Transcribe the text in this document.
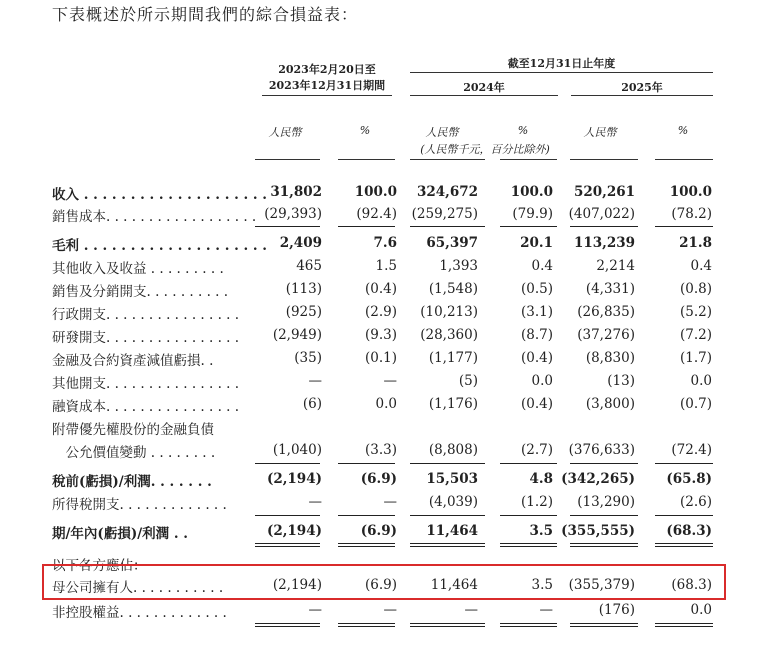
下表概述於所示期間我們的綜合損益表：
2023年2月20日至
2023年12月31日期間
截至12月31日止年度
2024年	2025年
人民幣	%	人民幣	%	人民幣	%
(人民幣千元，百分比除外)
收入 . . . . . . . . . . . . . . . . . . . . 31,802 100.0 324,672 100.0 520,261	100.0
銷售成本. . . . . . . . . . . . . . . . . . (29,393)	(92.4) (259,275)	(79.9) (407,022)	(78.2)
毛利 . . . . . . . . . . . . . . . . . . . . 2,409	7.6 65,397	20.1 113,239	21.8
其他收入及收益 . . . . . . . . .	465	1.5	1,393	0.4	2,214	0.4
銷售及分銷開支. . . . . . . . . .	(113)	(0.4) (1,548)	(0.5) (4,331)	(0.8)
行政開支. . . . . . . . . . . . . . . .	(925)	(2.9) (10,213)	(3.1) (26,835)	(5.2)
研發開支. . . . . . . . . . . . . . . .	(2,949)	(9.3) (28,360)	(8.7) (37,276)	(7.2)
金融及合約資產減值虧損. .	(35)	(0.1) (1,177)	(0.4) (8,830)	(1.7)
其他開支. . . . . . . . . . . . . . . .	—	—	(5)	0.0	(13)	0.0
融資成本. . . . . . . . . . . . . . . .	(6)	0.0 (1,176)	(0.4) (3,800)	(0.7)
附帶優先權股份的金融負債
　公允價值變動 . . . . . . . .	(1,040)	(3.3) (8,808)	(2.7) (376,633)	(72.4)
稅前(虧損)/利潤. . . . . . .	(2,194)	(6.9) 15,503	4.8 (342,265) (65.8)
所得稅開支. . . . . . . . . . . . .	—	— (4,039)	(1.2) (13,290)	(2.6)
期/年內(虧損)/利潤 . .	(2,194)	(6.9) 11,464	3.5 (355,555) (68.3)
以下各方應佔：
母公司擁有人. . . . . . . . . . .	(2,194)	(6.9)	11,464	3.5 (355,379)	(68.3)
非控股權益. . . . . . . . . . . . .	—	—	—	—	(176)	0.0
